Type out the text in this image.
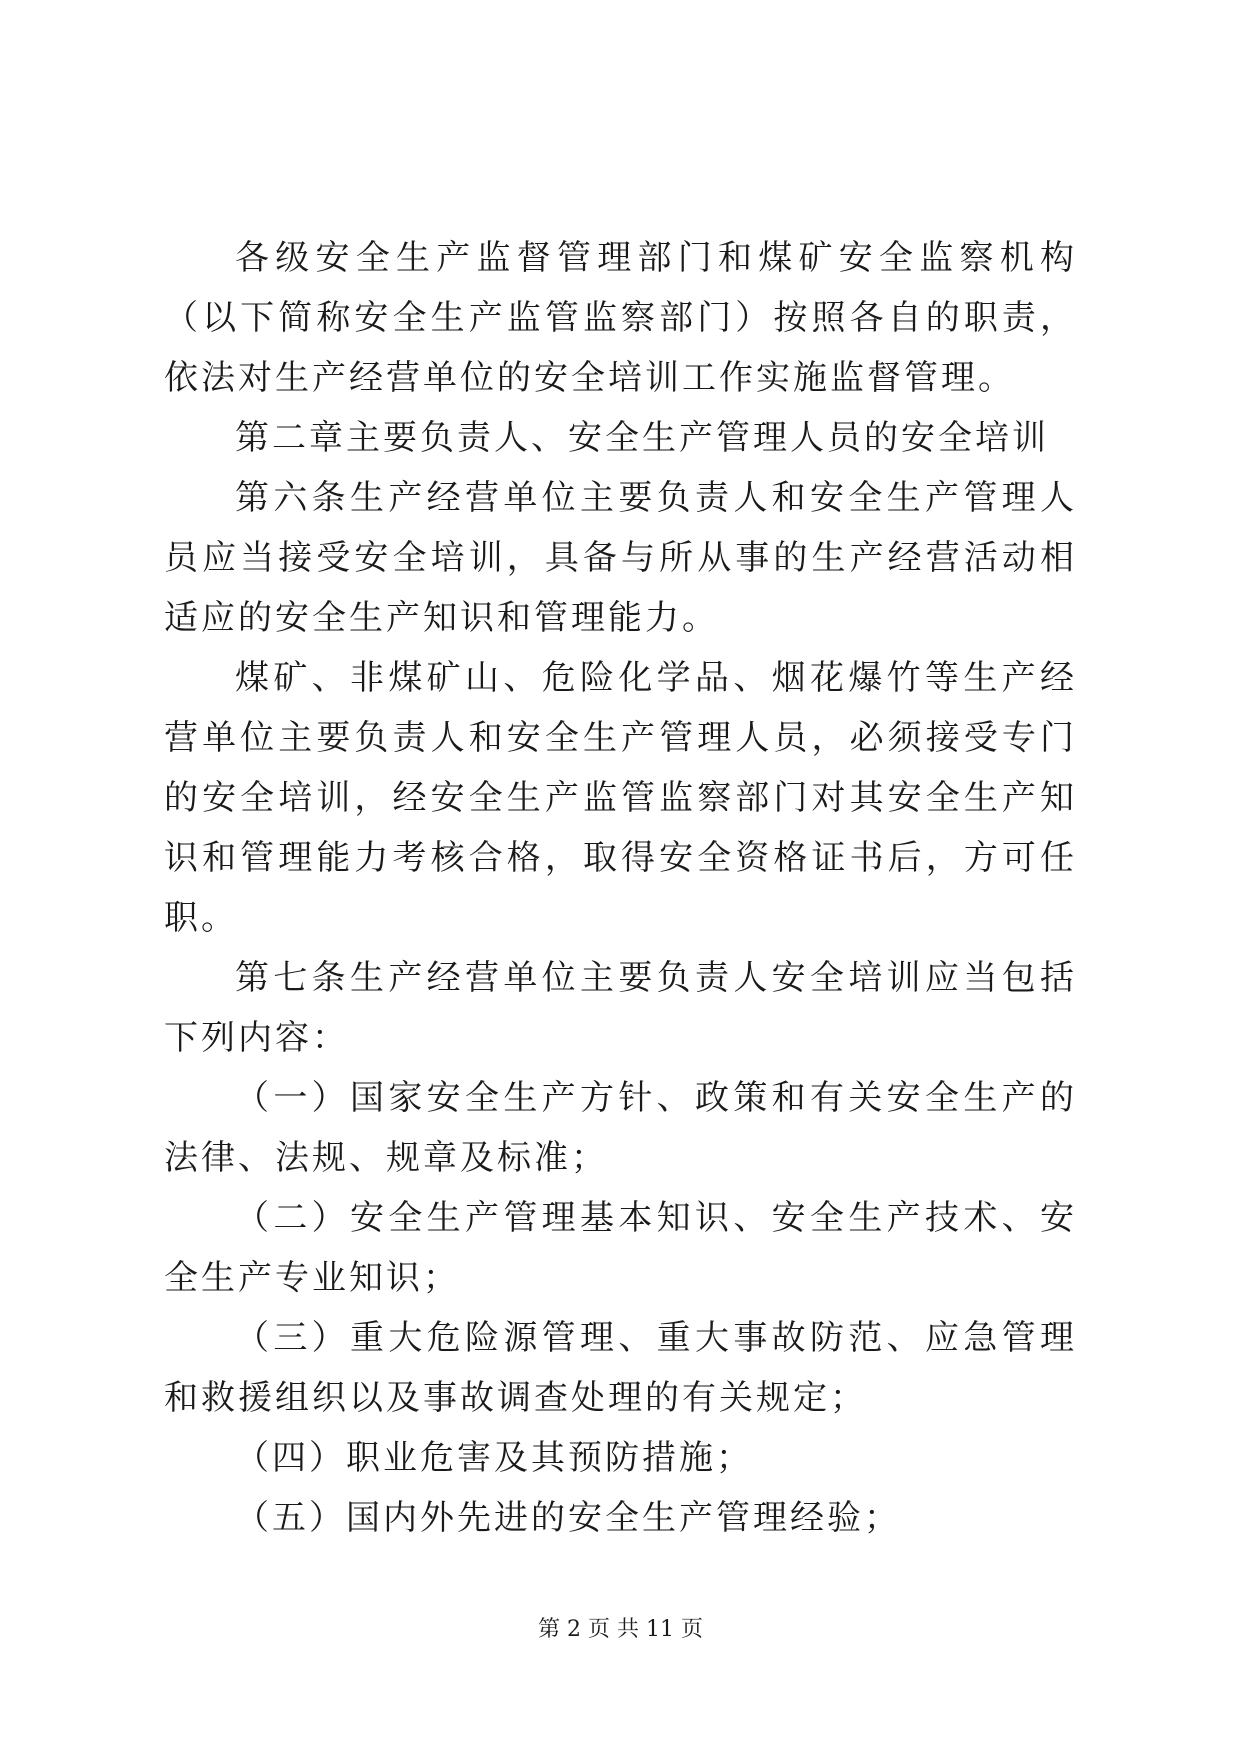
各级安全生产监督管理部门和煤矿安全监察机构（以下简称安全生产监管监察部门）按照各自的职责，依法对生产经营单位的安全培训工作实施监督管理。

第二章主要负责人、安全生产管理人员的安全培训

第六条生产经营单位主要负责人和安全生产管理人员应当接受安全培训，具备与所从事的生产经营活动相适应的安全生产知识和管理能力。

煤矿、非煤矿山、危险化学品、烟花爆竹等生产经营单位主要负责人和安全生产管理人员，必须接受专门的安全培训，经安全生产监管监察部门对其安全生产知识和管理能力考核合格，取得安全资格证书后，方可任职。

第七条生产经营单位主要负责人安全培训应当包括下列内容：

（一）国家安全生产方针、政策和有关安全生产的法律、法规、规章及标准；

（二）安全生产管理基本知识、安全生产技术、安全生产专业知识；

（三）重大危险源管理、重大事故防范、应急管理和救援组织以及事故调查处理的有关规定；

（四）职业危害及其预防措施；

（五）国内外先进的安全生产管理经验；

第 2 页 共 11 页
